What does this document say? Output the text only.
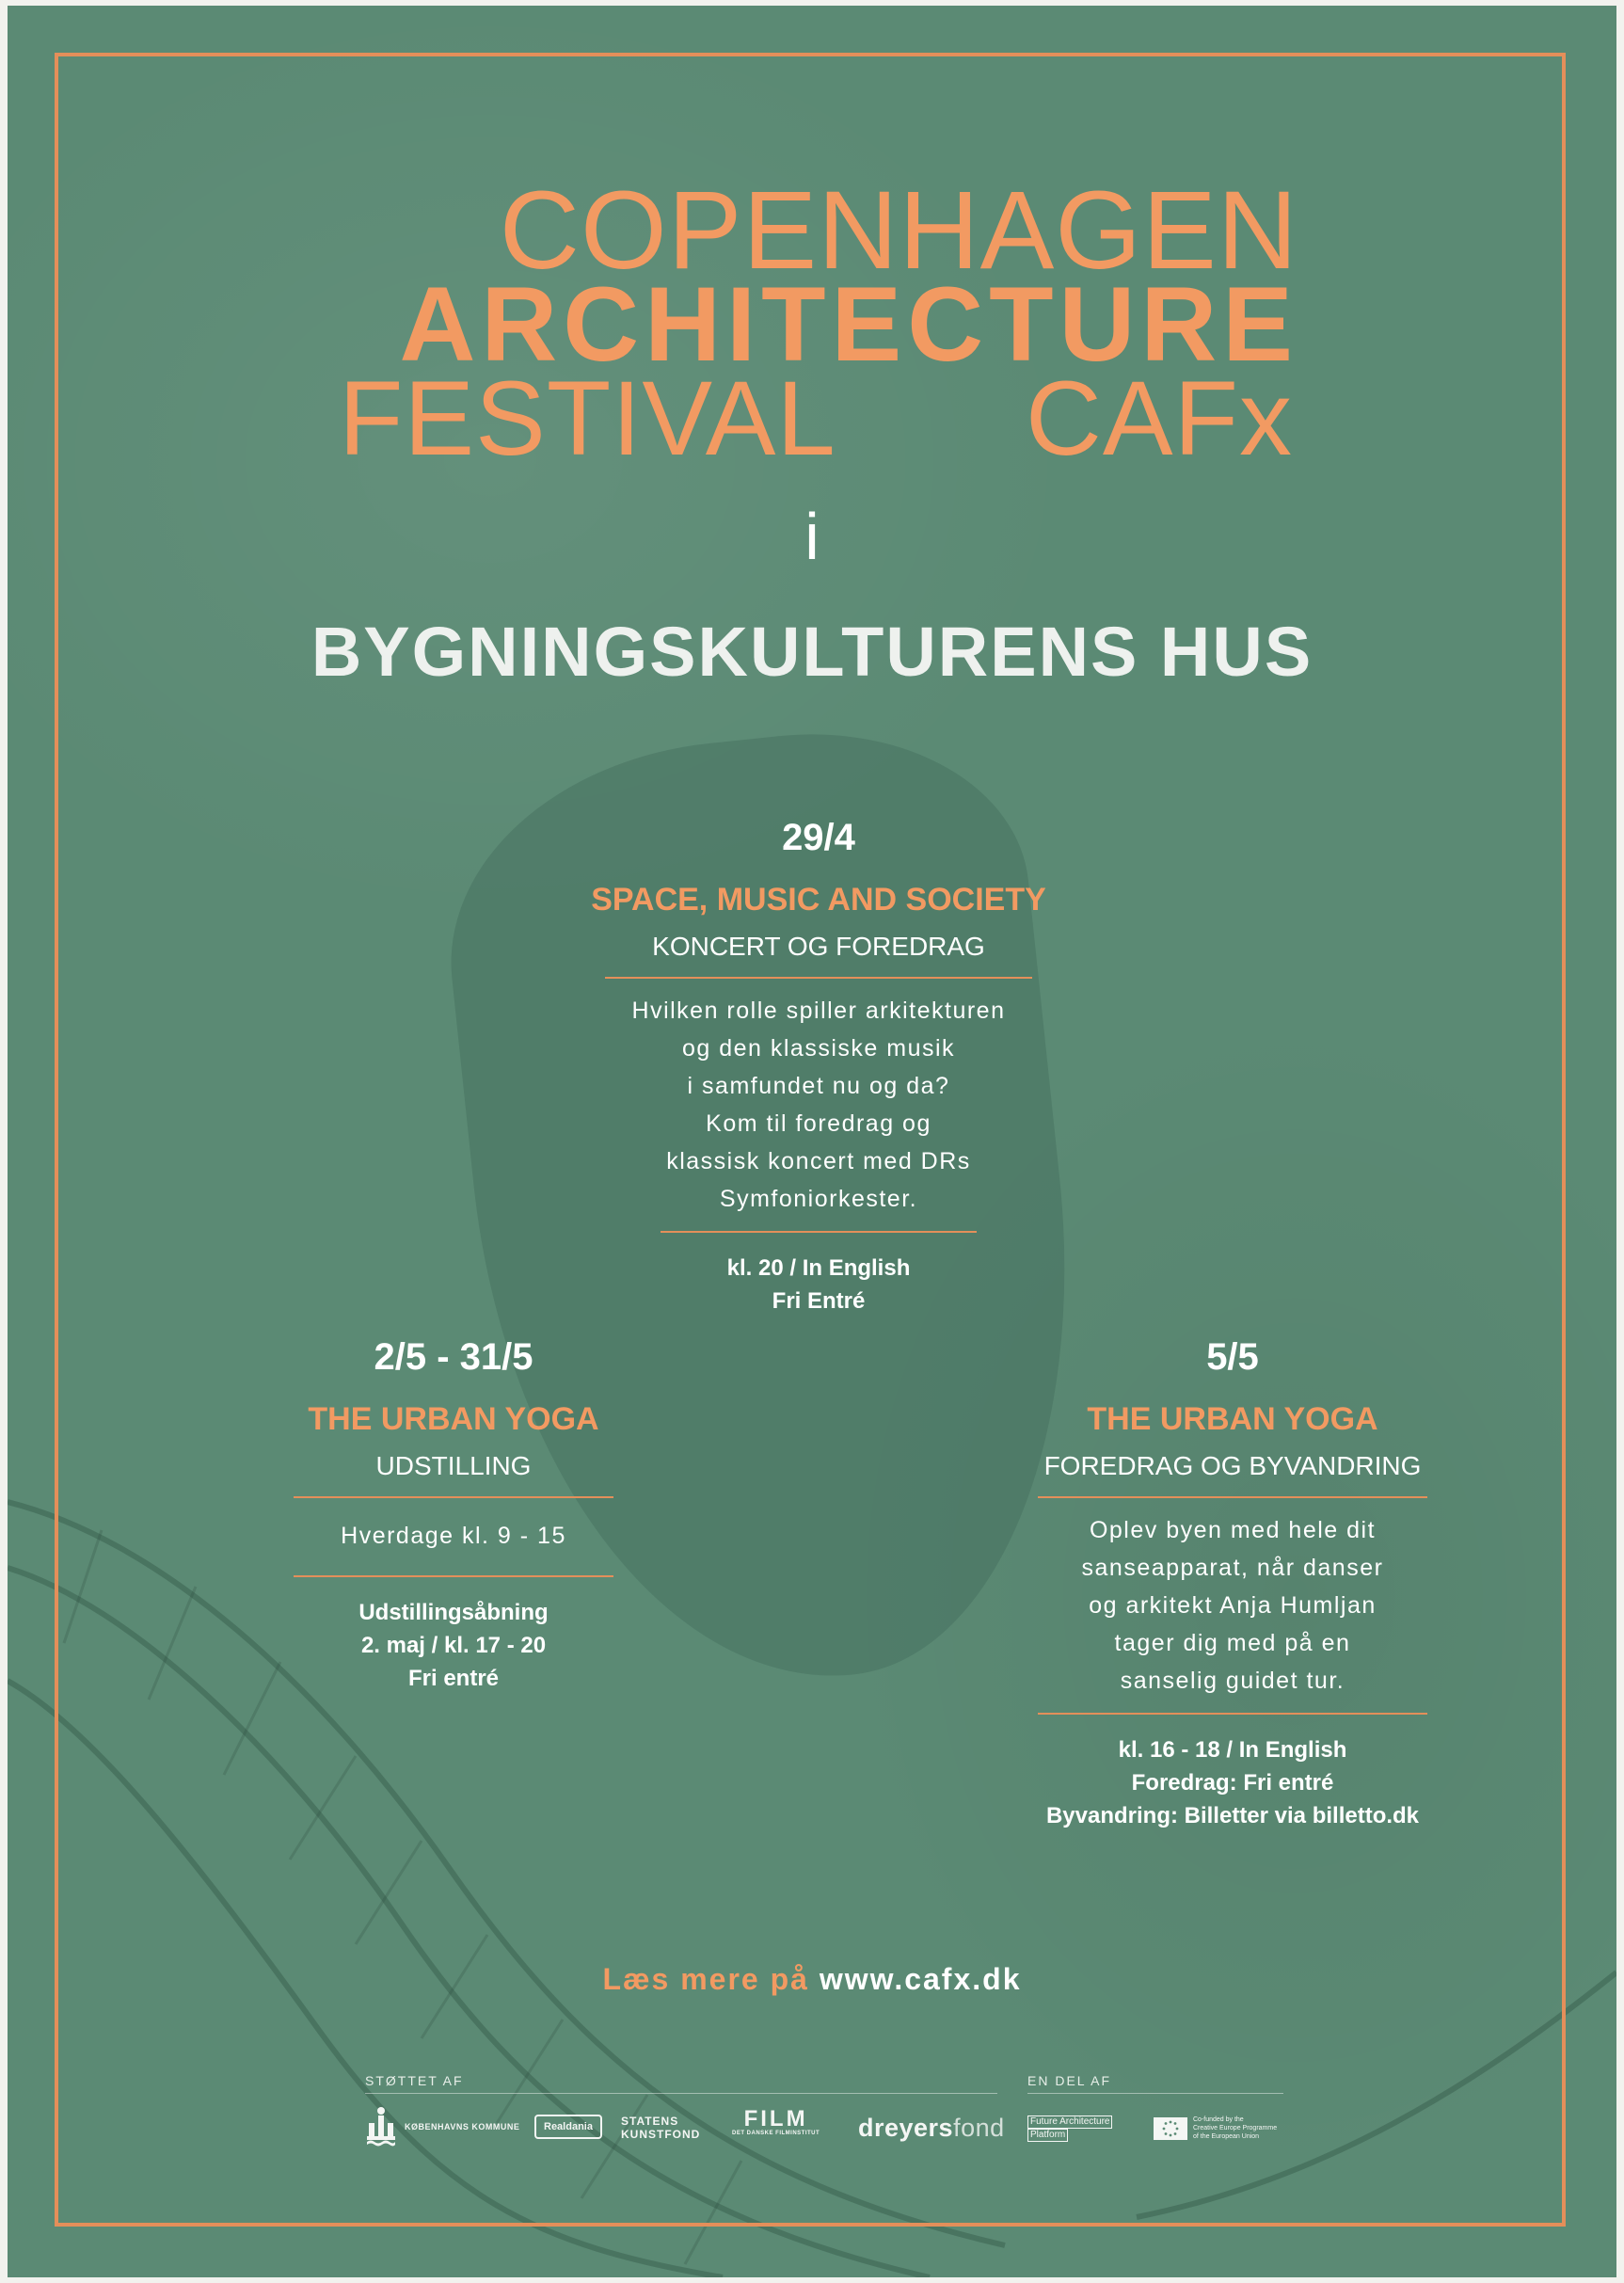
COPENHAGEN
ARCHITECTURE
FESTIVAL CAFx
i
BYGNINGSKULTURENS HUS
29/4
SPACE, MUSIC AND SOCIETY
KONCERT OG FOREDRAG
Hvilken rolle spiller arkitekturen
og den klassiske musik
i samfundet nu og da?
Kom til foredrag og
klassisk koncert med DRs
Symfoniorkester.
kl. 20 / In English
Fri Entré
2/5 - 31/5
THE URBAN YOGA
UDSTILLING
Hverdage kl. 9 - 15
Udstillingsåbning
2. maj / kl. 17 - 20
Fri entré
5/5
THE URBAN YOGA
FOREDRAG OG BYVANDRING
Oplev byen med hele dit
sanseapparat, når danser
og arkitekt Anja Humljan
tager dig med på en
sanselig guidet tur.
kl. 16 - 18 / In English
Foredrag: Fri entré
Byvandring: Billetter via billetto.dk
Læs mere på www.cafx.dk
STØTTET AF	EN DEL AF
KØBENHAVNS KOMMUNE	Realdania	STATENS
KUNSTFOND
FILM
DET DANSKE FILMINSTITUT dreyersfond	Future Architecture
Platform
Co-funded by the
Creative Europe Programme
of the European Union
